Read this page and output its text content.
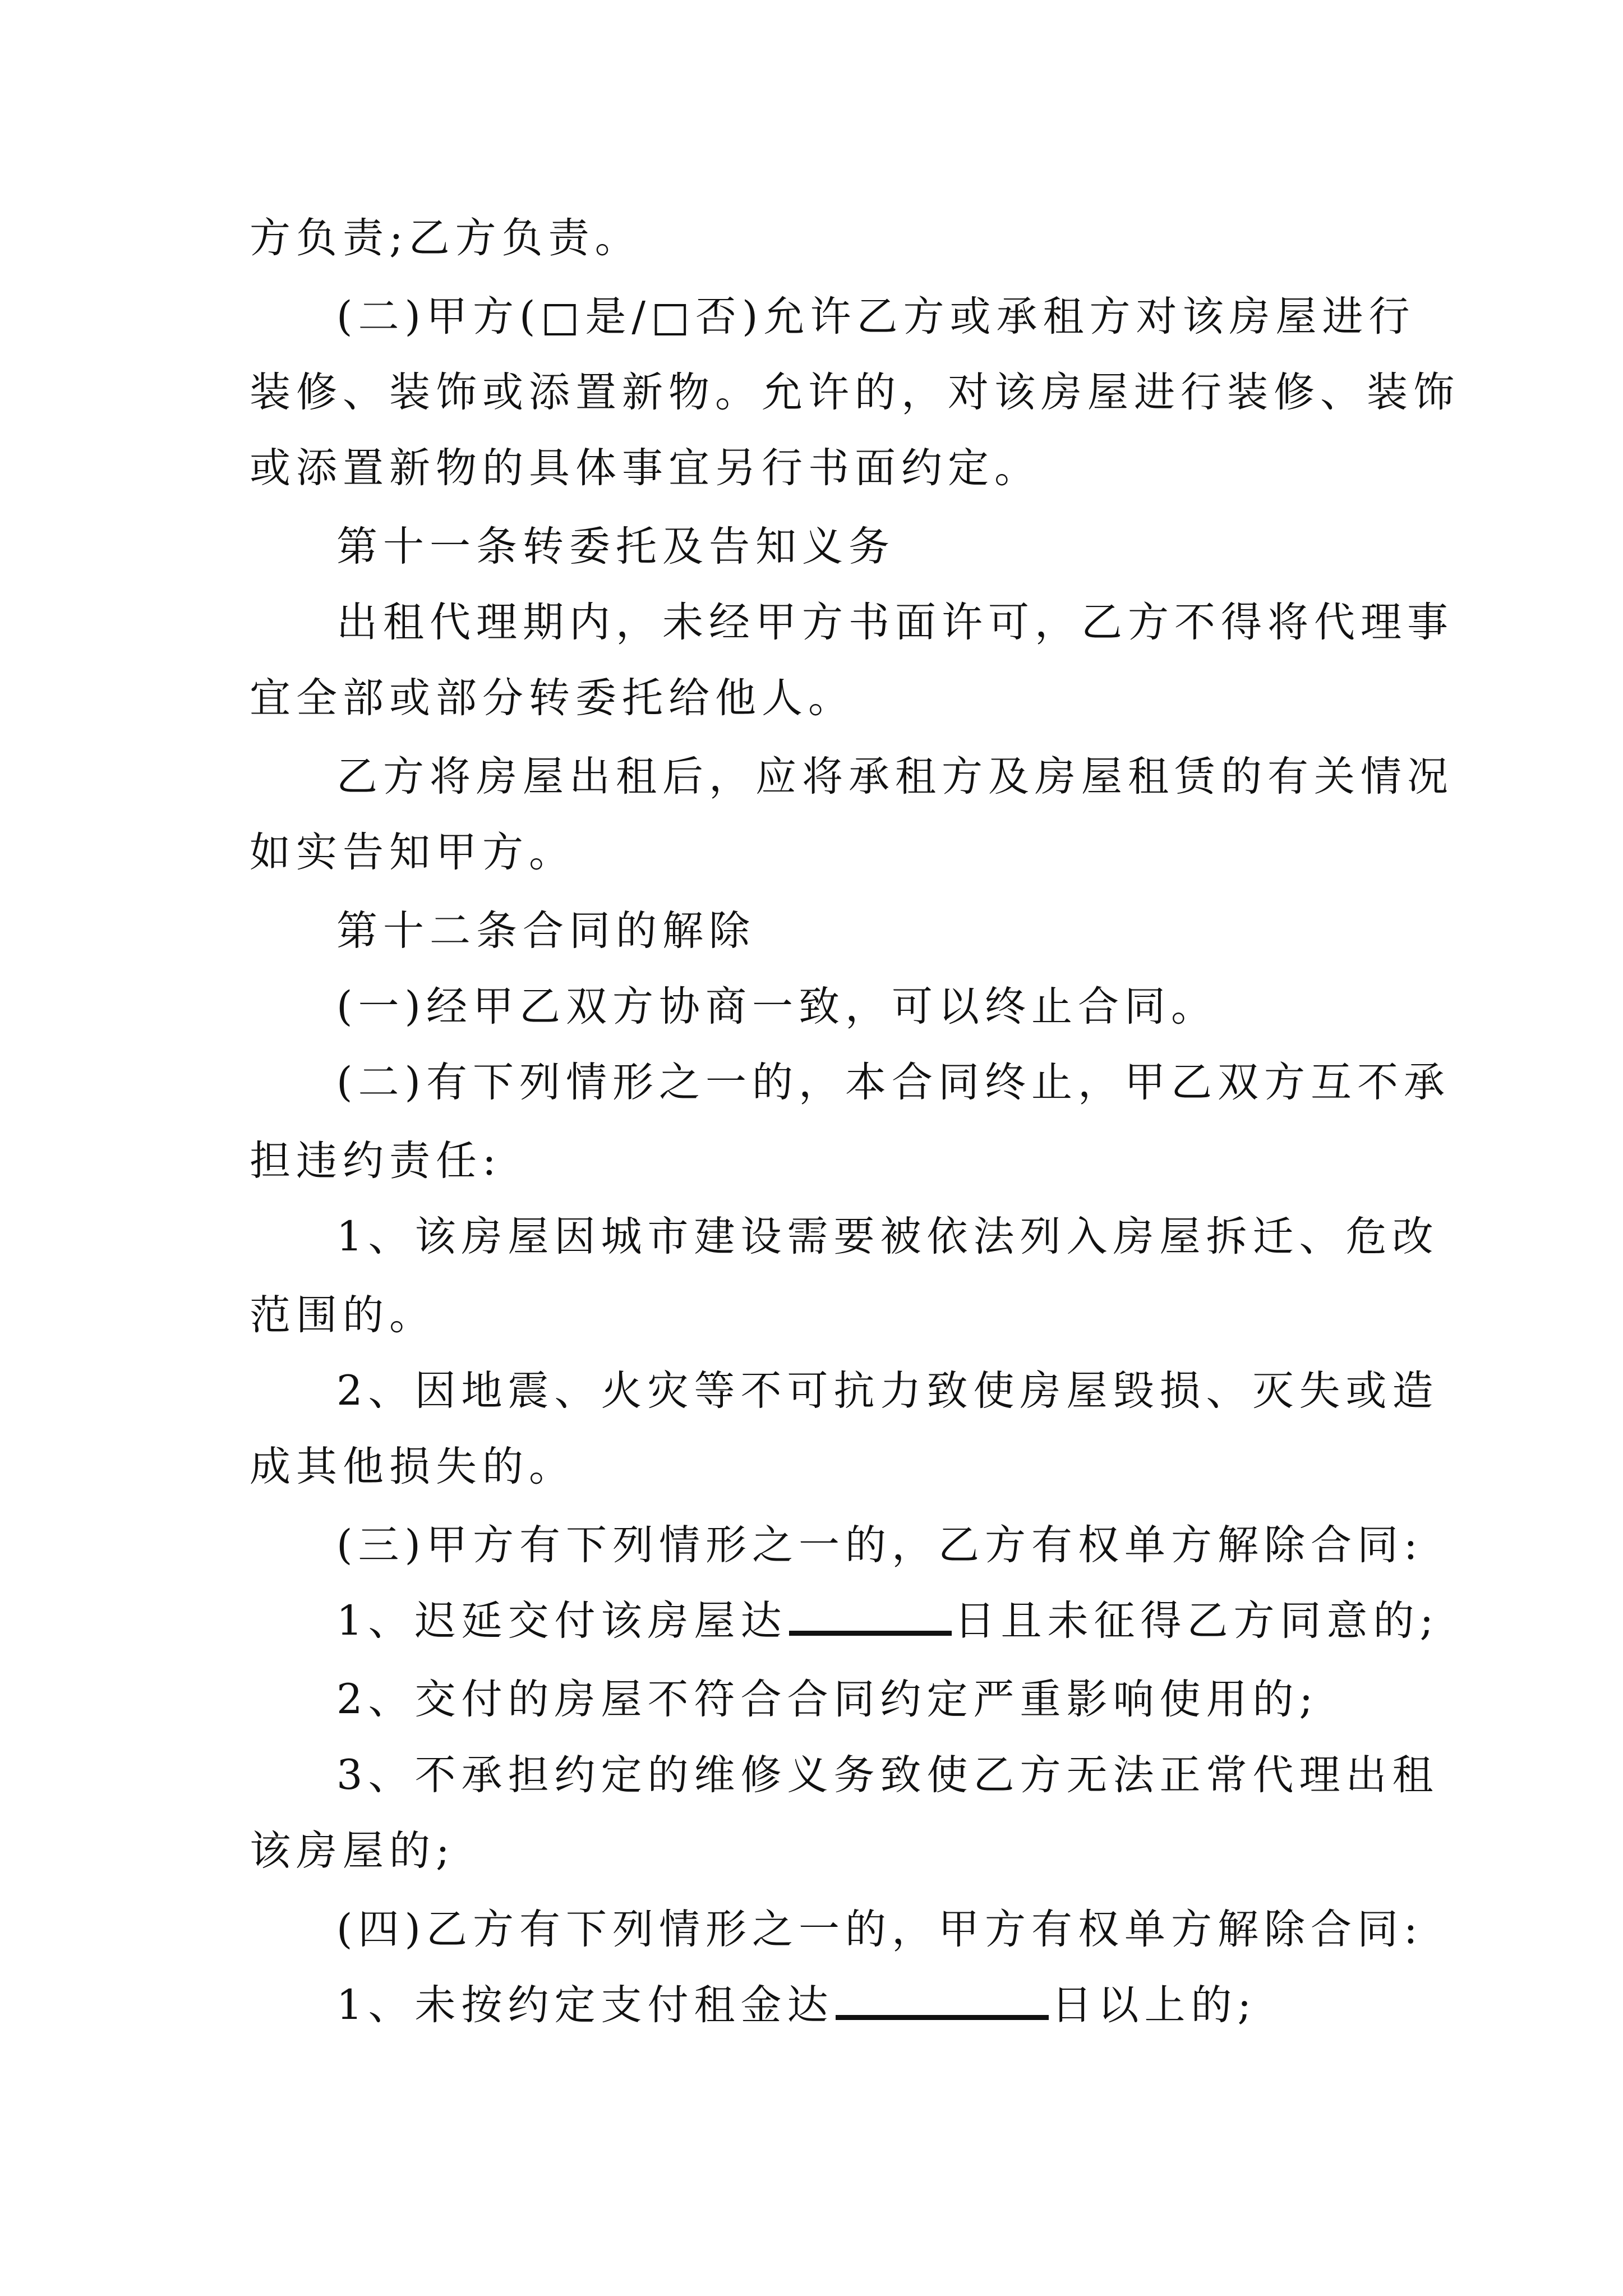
方负责;乙方负责。
(二)甲方(□是/□否)允许乙方或承租方对该房屋进行
装修、装饰或添置新物。允许的，对该房屋进行装修、装饰
或添置新物的具体事宜另行书面约定。
第十一条转委托及告知义务
出租代理期内，未经甲方书面许可，乙方不得将代理事
宜全部或部分转委托给他人。
乙方将房屋出租后，应将承租方及房屋租赁的有关情况
如实告知甲方。
第十二条合同的解除
(一)经甲乙双方协商一致，可以终止合同。
(二)有下列情形之一的，本合同终止，甲乙双方互不承
担违约责任:
1、该房屋因城市建设需要被依法列入房屋拆迁、危改
范围的。
2、因地震、火灾等不可抗力致使房屋毁损、灭失或造
成其他损失的。
(三)甲方有下列情形之一的，乙方有权单方解除合同:
1、迟延交付该房屋达	日且未征得乙方同意的;
2、交付的房屋不符合合同约定严重影响使用的;
3、不承担约定的维修义务致使乙方无法正常代理出租
该房屋的;
(四)乙方有下列情形之一的，甲方有权单方解除合同:
1、未按约定支付租金达	日以上的;
